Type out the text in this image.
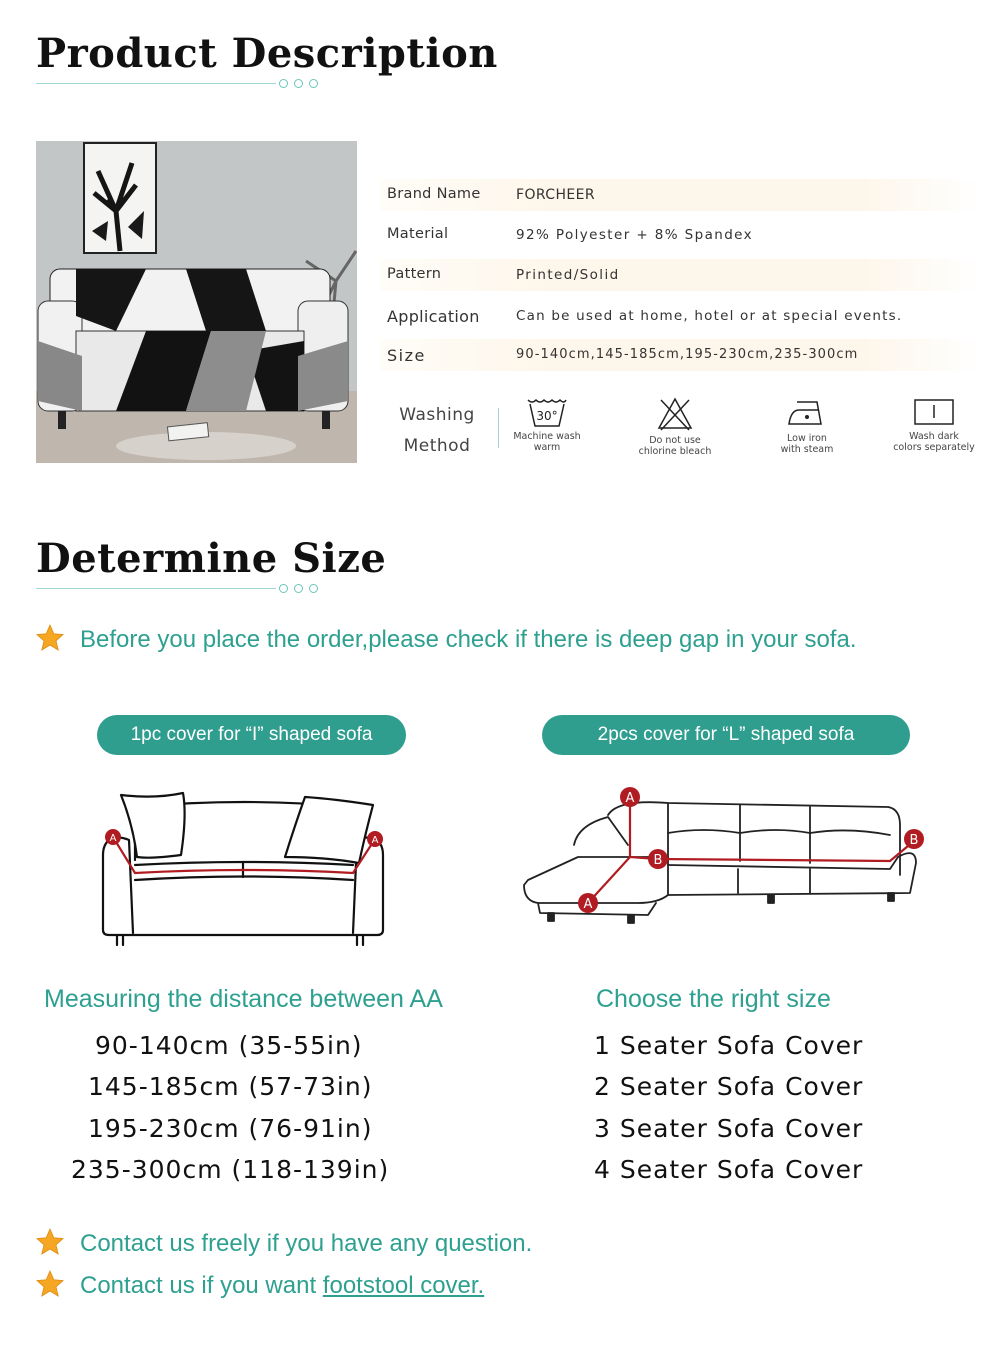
Product Description
Brand Name	FORCHEER
Material	92% Polyester + 8% Spandex
Pattern	Printed/Solid
Application	Can be used at home, hotel or at special events.
Size	90-140cm,145-185cm,195-230cm,235-300cm
Washing
Method
30°
Machine wash
warm
Do not use
chlorine bleach
Low iron
with steam
Wash dark
colors separately
Determine Size
Before you place the order,please check if there is deep gap in your sofa.
1pc cover for “I” shaped sofa	2pcs cover for “L” shaped sofa
A	A
A
A
B
B
Measuring the distance between AA	Choose the right size
90-140cm (35-55in)
145-185cm (57-73in)
195-230cm (76-91in)
235-300cm (118-139in)
1 Seater Sofa Cover
2 Seater Sofa Cover
3 Seater Sofa Cover
4 Seater Sofa Cover
Contact us freely if you have any question.
Contact us if you want footstool cover.
